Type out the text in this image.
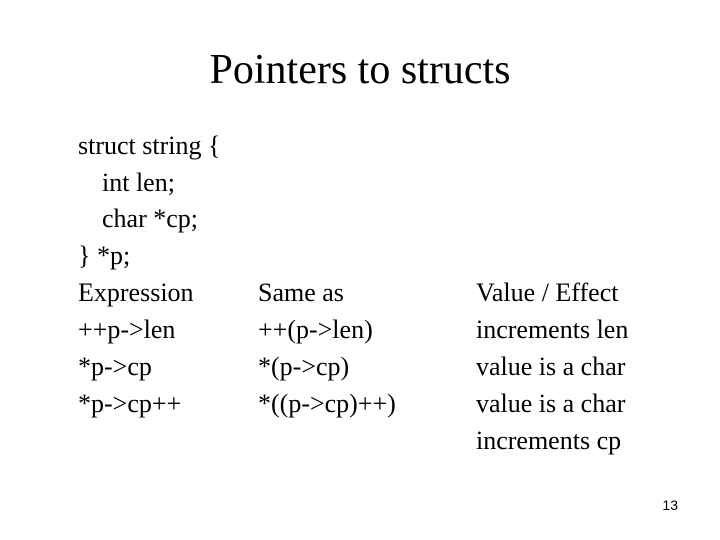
Pointers to structs
struct string {
int len;
char *cp;
} *p;
Expression
++p->len
*p->cp
*p->cp++
Same as
++(p->len)
*(p->cp)
*((p->cp)++)
Value / Effect
increments len
value is a char
value is a char
increments cp
13
